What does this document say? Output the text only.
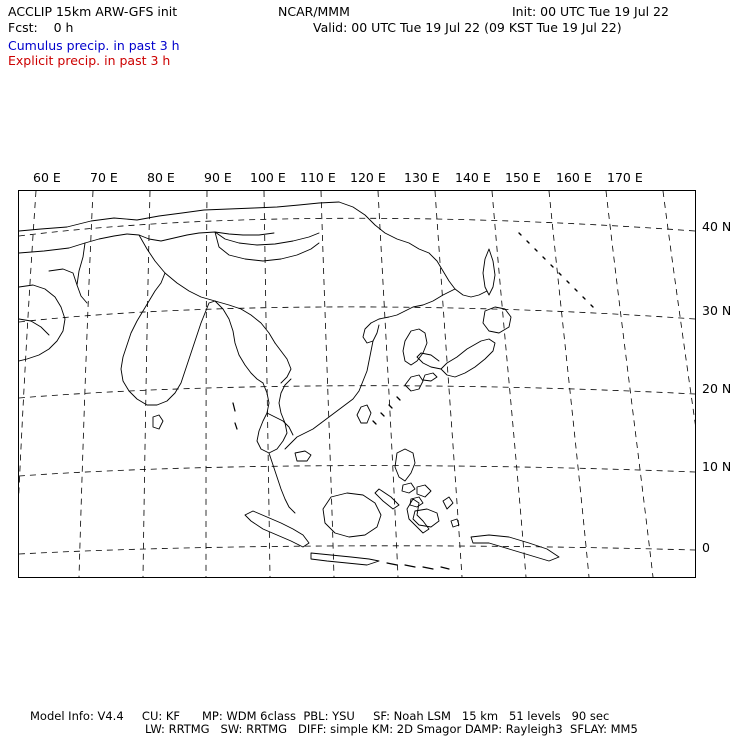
ACCLIP 15km ARW-GFS init
Fcst:    0 h
NCAR/MMM	Init: 00 UTC Tue 19 Jul 22
Valid: 00 UTC Tue 19 Jul 22 (09 KST Tue 19 Jul 22)
Cumulus precip. in past 3 h
Explicit precip. in past 3 h
60 E 70 E 80 E 90 E 100 E 110 E 120 E 130 E 140 E 150 E 160 E 170 E
40 N
30 N
20 N
10 N
0
Model Info: V4.4     CU: KF      MP: WDM 6class  PBL: YSU     SF: Noah LSM   15 km   51 levels   90 sec
LW: RRTMG   SW: RRTMG   DIFF: simple KM: 2D Smagor DAMP: Rayleigh3  SFLAY: MM5
